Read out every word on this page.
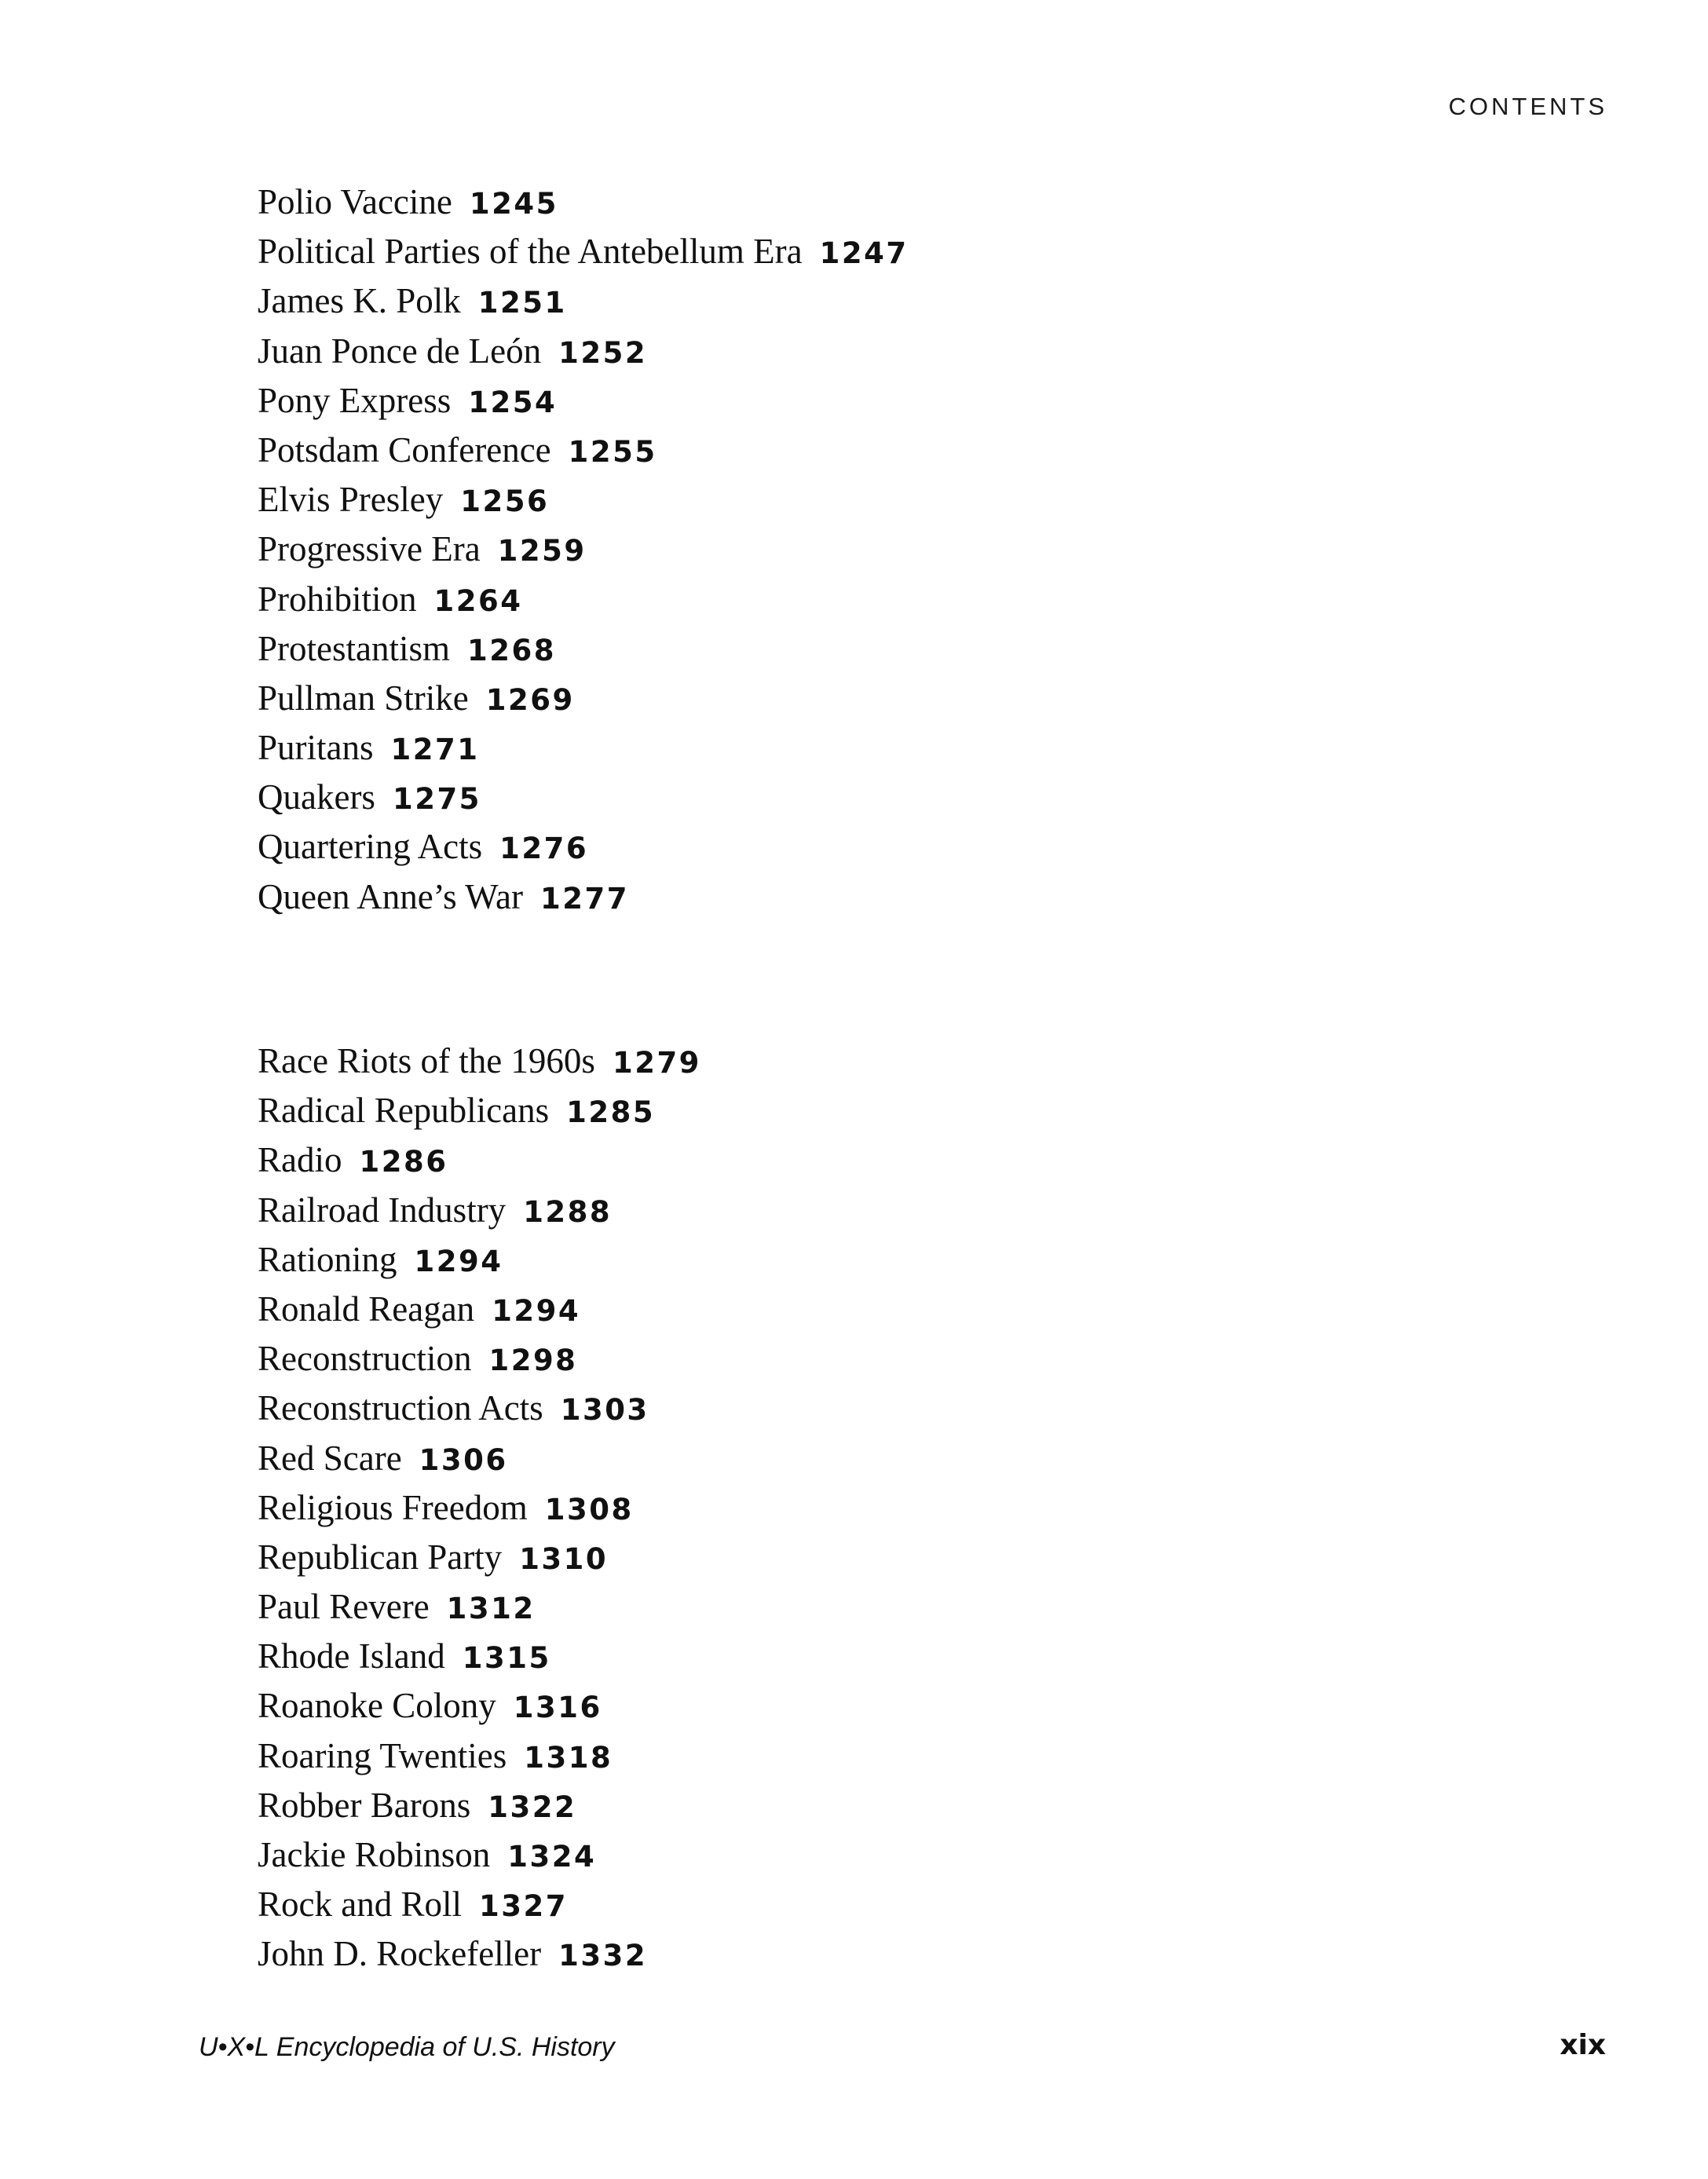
CONTENTS
Polio Vaccine 1245
Political Parties of the Antebellum Era 1247
James K. Polk 1251
Juan Ponce de León 1252
Pony Express 1254
Potsdam Conference 1255
Elvis Presley 1256
Progressive Era 1259
Prohibition 1264
Protestantism 1268
Pullman Strike 1269
Puritans 1271
Quakers 1275
Quartering Acts 1276
Queen Anne’s War 1277
Race Riots of the 1960s 1279
Radical Republicans 1285
Radio 1286
Railroad Industry 1288
Rationing 1294
Ronald Reagan 1294
Reconstruction 1298
Reconstruction Acts 1303
Red Scare 1306
Religious Freedom 1308
Republican Party 1310
Paul Revere 1312
Rhode Island 1315
Roanoke Colony 1316
Roaring Twenties 1318
Robber Barons 1322
Jackie Robinson 1324
Rock and Roll 1327
John D. Rockefeller 1332
U•X•L Encyclopedia of U.S. History	xix
